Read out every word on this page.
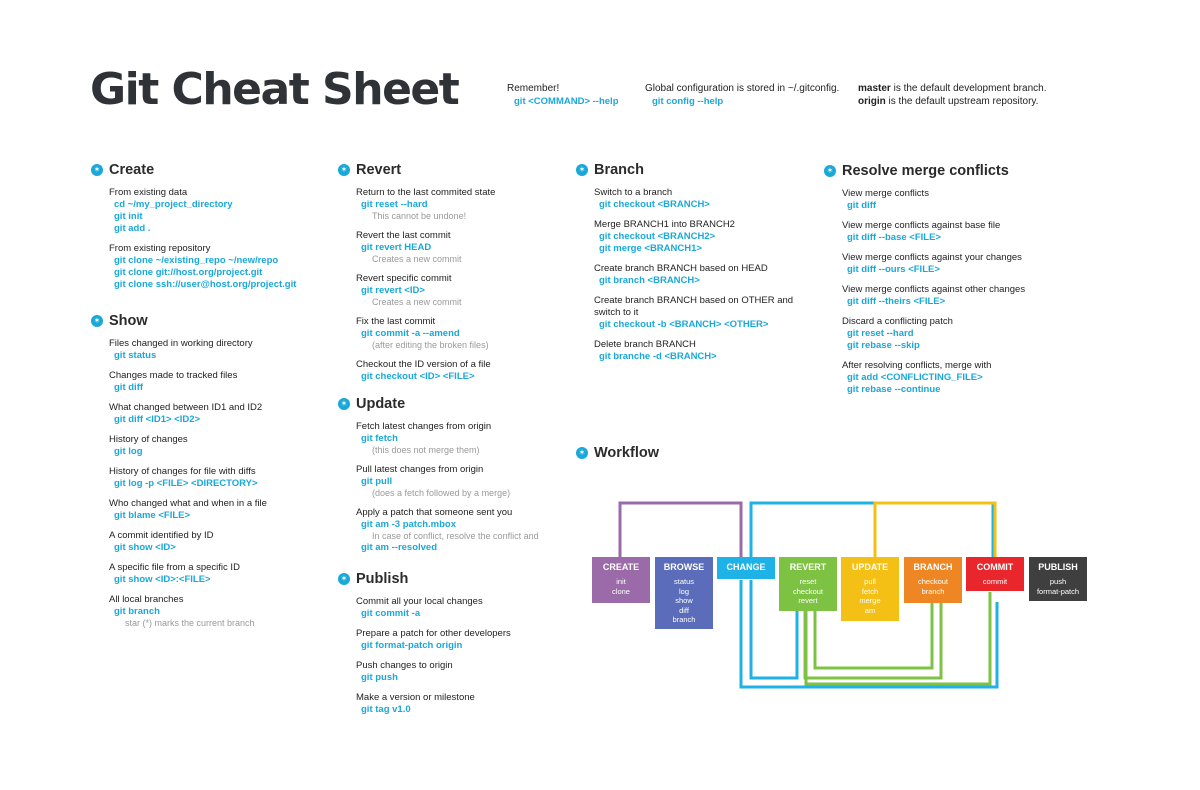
Git Cheat Sheet	Remember!
git <COMMAND> --help
Global configuration is stored in ~/.gitconfig.
git config --help
master is the default development branch.
origin is the default upstream repository.
✶ Create
From existing data
cd ~/my_project_directory
git init
git add .
From existing repository
git clone ~/existing_repo ~/new/repo
git clone git://host.org/project.git
git clone ssh://user@host.org/project.git
✶ Show
Files changed in working directory
git status
Changes made to tracked files
git diff
What changed between ID1 and ID2
git diff <ID1> <ID2>
History of changes
git log
History of changes for file with diffs
git log -p <FILE> <DIRECTORY>
Who changed what and when in a file
git blame <FILE>
A commit identified by ID
git show <ID>
A specific file from a specific ID
git show <ID>:<FILE>
All local branches
git branch
star (*) marks the current branch
✶ Revert
Return to the last commited state
git reset --hard
This cannot be undone!
Revert the last commit
git revert HEAD
Creates a new commit
Revert specific commit
git revert <ID>
Creates a new commit
Fix the last commit
git commit -a --amend
(after editing the broken files)
Checkout the ID version of a file
git checkout <ID> <FILE>
✶ Update
Fetch latest changes from origin
git fetch
(this does not merge them)
Pull latest changes from origin
git pull
(does a fetch followed by a merge)
Apply a patch that someone sent you
git am -3 patch.mbox
In case of conflict, resolve the conflict and
git am --resolved
✶ Publish
Commit all your local changes
git commit -a
Prepare a patch for other developers
git format-patch origin
Push changes to origin
git push
Make a version or milestone
git tag v1.0
✶ Branch
Switch to a branch
git checkout <BRANCH>
Merge BRANCH1 into BRANCH2
git checkout <BRANCH2>
git merge <BRANCH1>
Create branch BRANCH based on HEAD
git branch <BRANCH>
Create branch BRANCH based on OTHER and switch to it
git checkout -b <BRANCH> <OTHER>
Delete branch BRANCH
git branche -d <BRANCH>
✶ Resolve merge conflicts
View merge conflicts
git diff
View merge conflicts against base file
git diff --base <FILE>
View merge conflicts against your changes
git diff --ours <FILE>
View merge conflicts against other changes
git diff --theirs <FILE>
Discard a conflicting patch
git reset --hard
git rebase --skip
After resolving conflicts, merge with
git add <CONFLICTING_FILE>
git rebase --continue
✶ Workflow
CREATE
init
clone
BROWSE
status
log
show
diff
branch
CHANGE	REVERT
reset
checkout
revert
UPDATE
pull
fetch
merge
am
BRANCH
checkout
branch
COMMIT
commit
PUBLISH
push
format-patch
